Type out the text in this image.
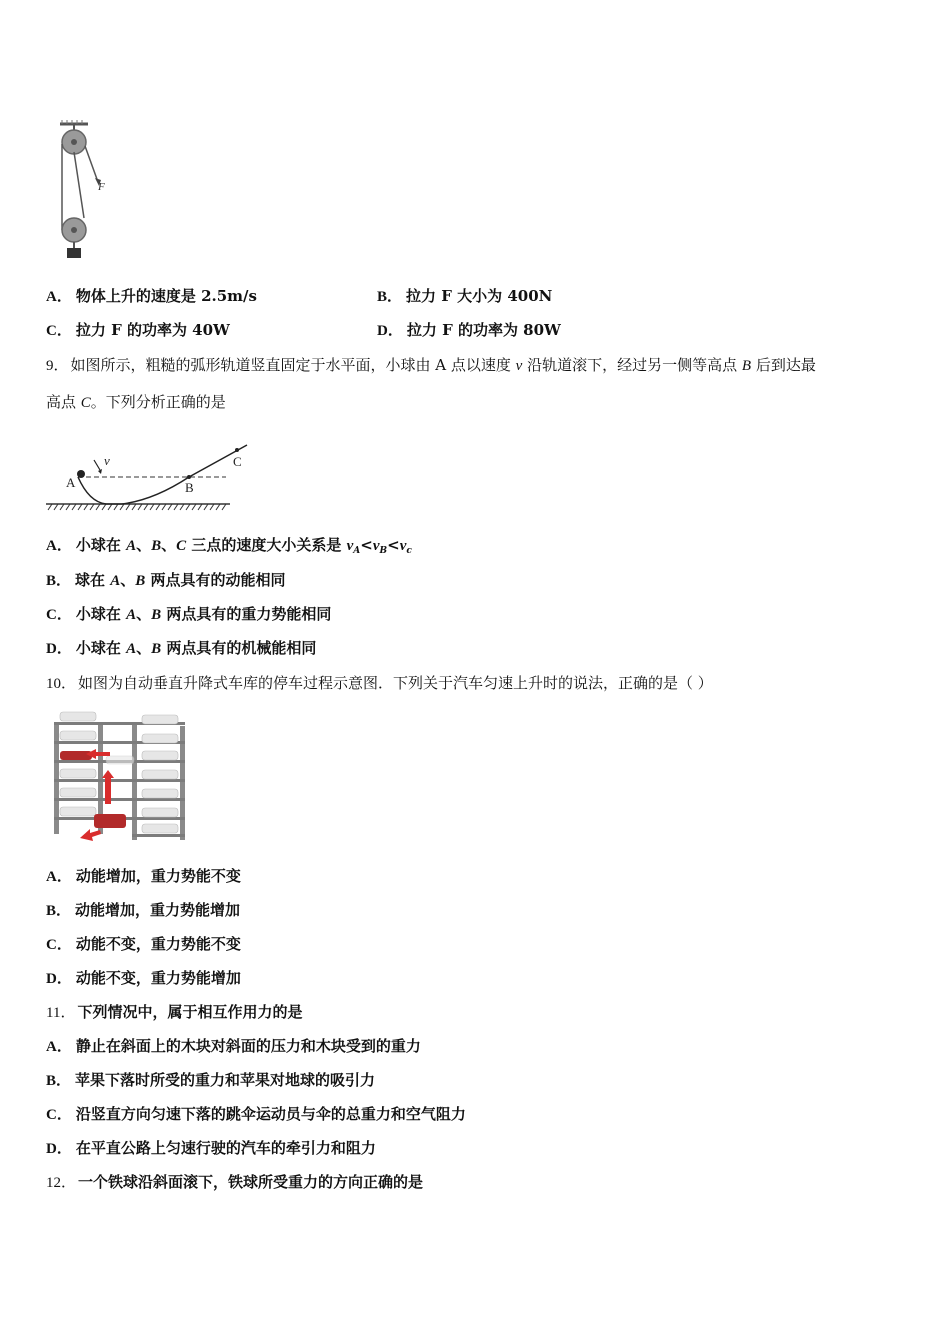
F
A． 物体上升的速度是 2.5m/s	B． 拉力 F 大小为 400N
C． 拉力 F 的功率为 40W	D． 拉力 F 的功率为 80W
9． 如图所示，粗糙的弧形轨道竖直固定于水平面，小球由 A 点以速度 v 沿轨道滚下，经过另一侧等高点 B 后到达最
高点 C。下列分析正确的是
v
A	B
C
A． 小球在 A、B、C 三点的速度大小关系是 $v_A<v_B<v_c$
B． 球在 A、B 两点具有的动能相同
C． 小球在 A、B 两点具有的重力势能相同
D． 小球在 A、B 两点具有的机械能相同
10． 如图为自动垂直升降式车库的停车过程示意图．下列关于汽车匀速上升时的说法，正确的是（ ）
A． 动能增加，重力势能不变
B． 动能增加，重力势能增加
C． 动能不变，重力势能不变
D． 动能不变，重力势能增加
11． 下列情况中，属于相互作用力的是
A． 静止在斜面上的木块对斜面的压力和木块受到的重力
B． 苹果下落时所受的重力和苹果对地球的吸引力
C． 沿竖直方向匀速下落的跳伞运动员与伞的总重力和空气阻力
D． 在平直公路上匀速行驶的汽车的牵引力和阻力
12． 一个铁球沿斜面滚下，铁球所受重力的方向正确的是
